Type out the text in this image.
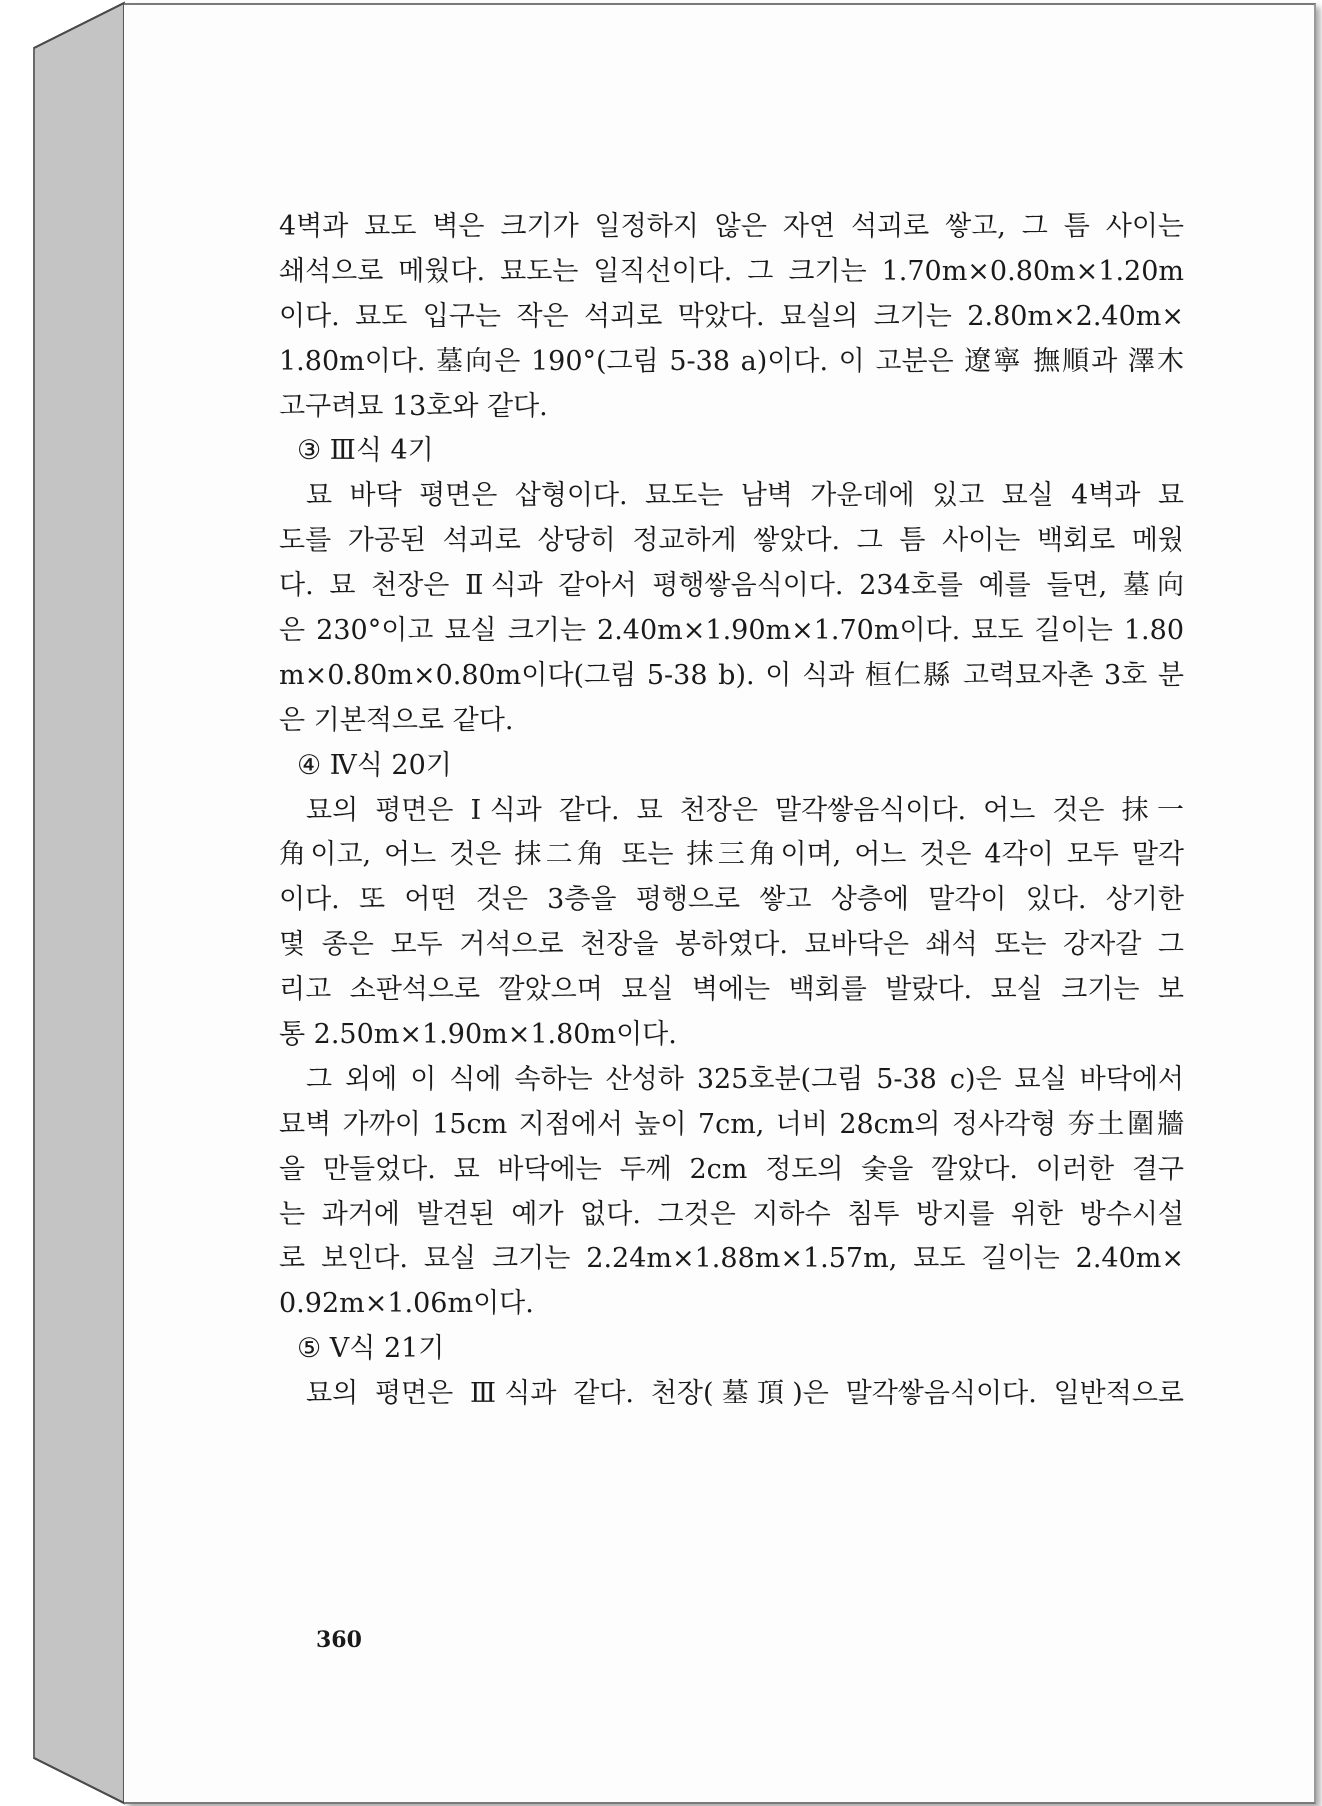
4벽과 묘도 벽은 크기가 일정하지 않은 자연 석괴로 쌓고, 그 틈 사이는
쇄석으로 메웠다. 묘도는 일직선이다. 그 크기는 1.70m×0.80m×1.20m
이다. 묘도 입구는 작은 석괴로 막았다. 묘실의 크기는 2.80m×2.40m×
1.80m이다. 墓向은 190°(그림 5-38 a)이다. 이 고분은 遼寧 撫順과 澤木
고구려묘 13호와 같다.
③ Ⅲ식 4기
묘 바닥 평면은 삽형이다. 묘도는 남벽 가운데에 있고 묘실 4벽과 묘
도를 가공된 석괴로 상당히 정교하게 쌓았다. 그 틈 사이는 백회로 메웠
다. 묘 천장은 Ⅱ식과 같아서 평행쌓음식이다. 234호를 예를 들면, 墓向
은 230°이고 묘실 크기는 2.40m×1.90m×1.70m이다. 묘도 길이는 1.80
m×0.80m×0.80m이다(그림 5-38 b). 이 식과 桓仁縣 고력묘자촌 3호 분
은 기본적으로 같다.
④ Ⅳ식 20기
묘의 평면은 Ⅰ식과 같다. 묘 천장은 말각쌓음식이다. 어느 것은 抹一
角이고, 어느 것은 抹二角 또는 抹三角이며, 어느 것은 4각이 모두 말각
이다. 또 어떤 것은 3층을 평행으로 쌓고 상층에 말각이 있다. 상기한
몇 종은 모두 거석으로 천장을 봉하였다. 묘바닥은 쇄석 또는 강자갈 그
리고 소판석으로 깔았으며 묘실 벽에는 백회를 발랐다. 묘실 크기는 보
통 2.50m×1.90m×1.80m이다.
그 외에 이 식에 속하는 산성하 325호분(그림 5-38 c)은 묘실 바닥에서
묘벽 가까이 15cm 지점에서 높이 7cm, 너비 28cm의 정사각형 夯土圍牆
을 만들었다. 묘 바닥에는 두께 2cm 정도의 숯을 깔았다. 이러한 결구
는 과거에 발견된 예가 없다. 그것은 지하수 침투 방지를 위한 방수시설
로 보인다. 묘실 크기는 2.24m×1.88m×1.57m, 묘도 길이는 2.40m×
0.92m×1.06m이다.
⑤ Ⅴ식 21기
묘의 평면은 Ⅲ식과 같다. 천장(墓頂)은 말각쌓음식이다. 일반적으로
360
